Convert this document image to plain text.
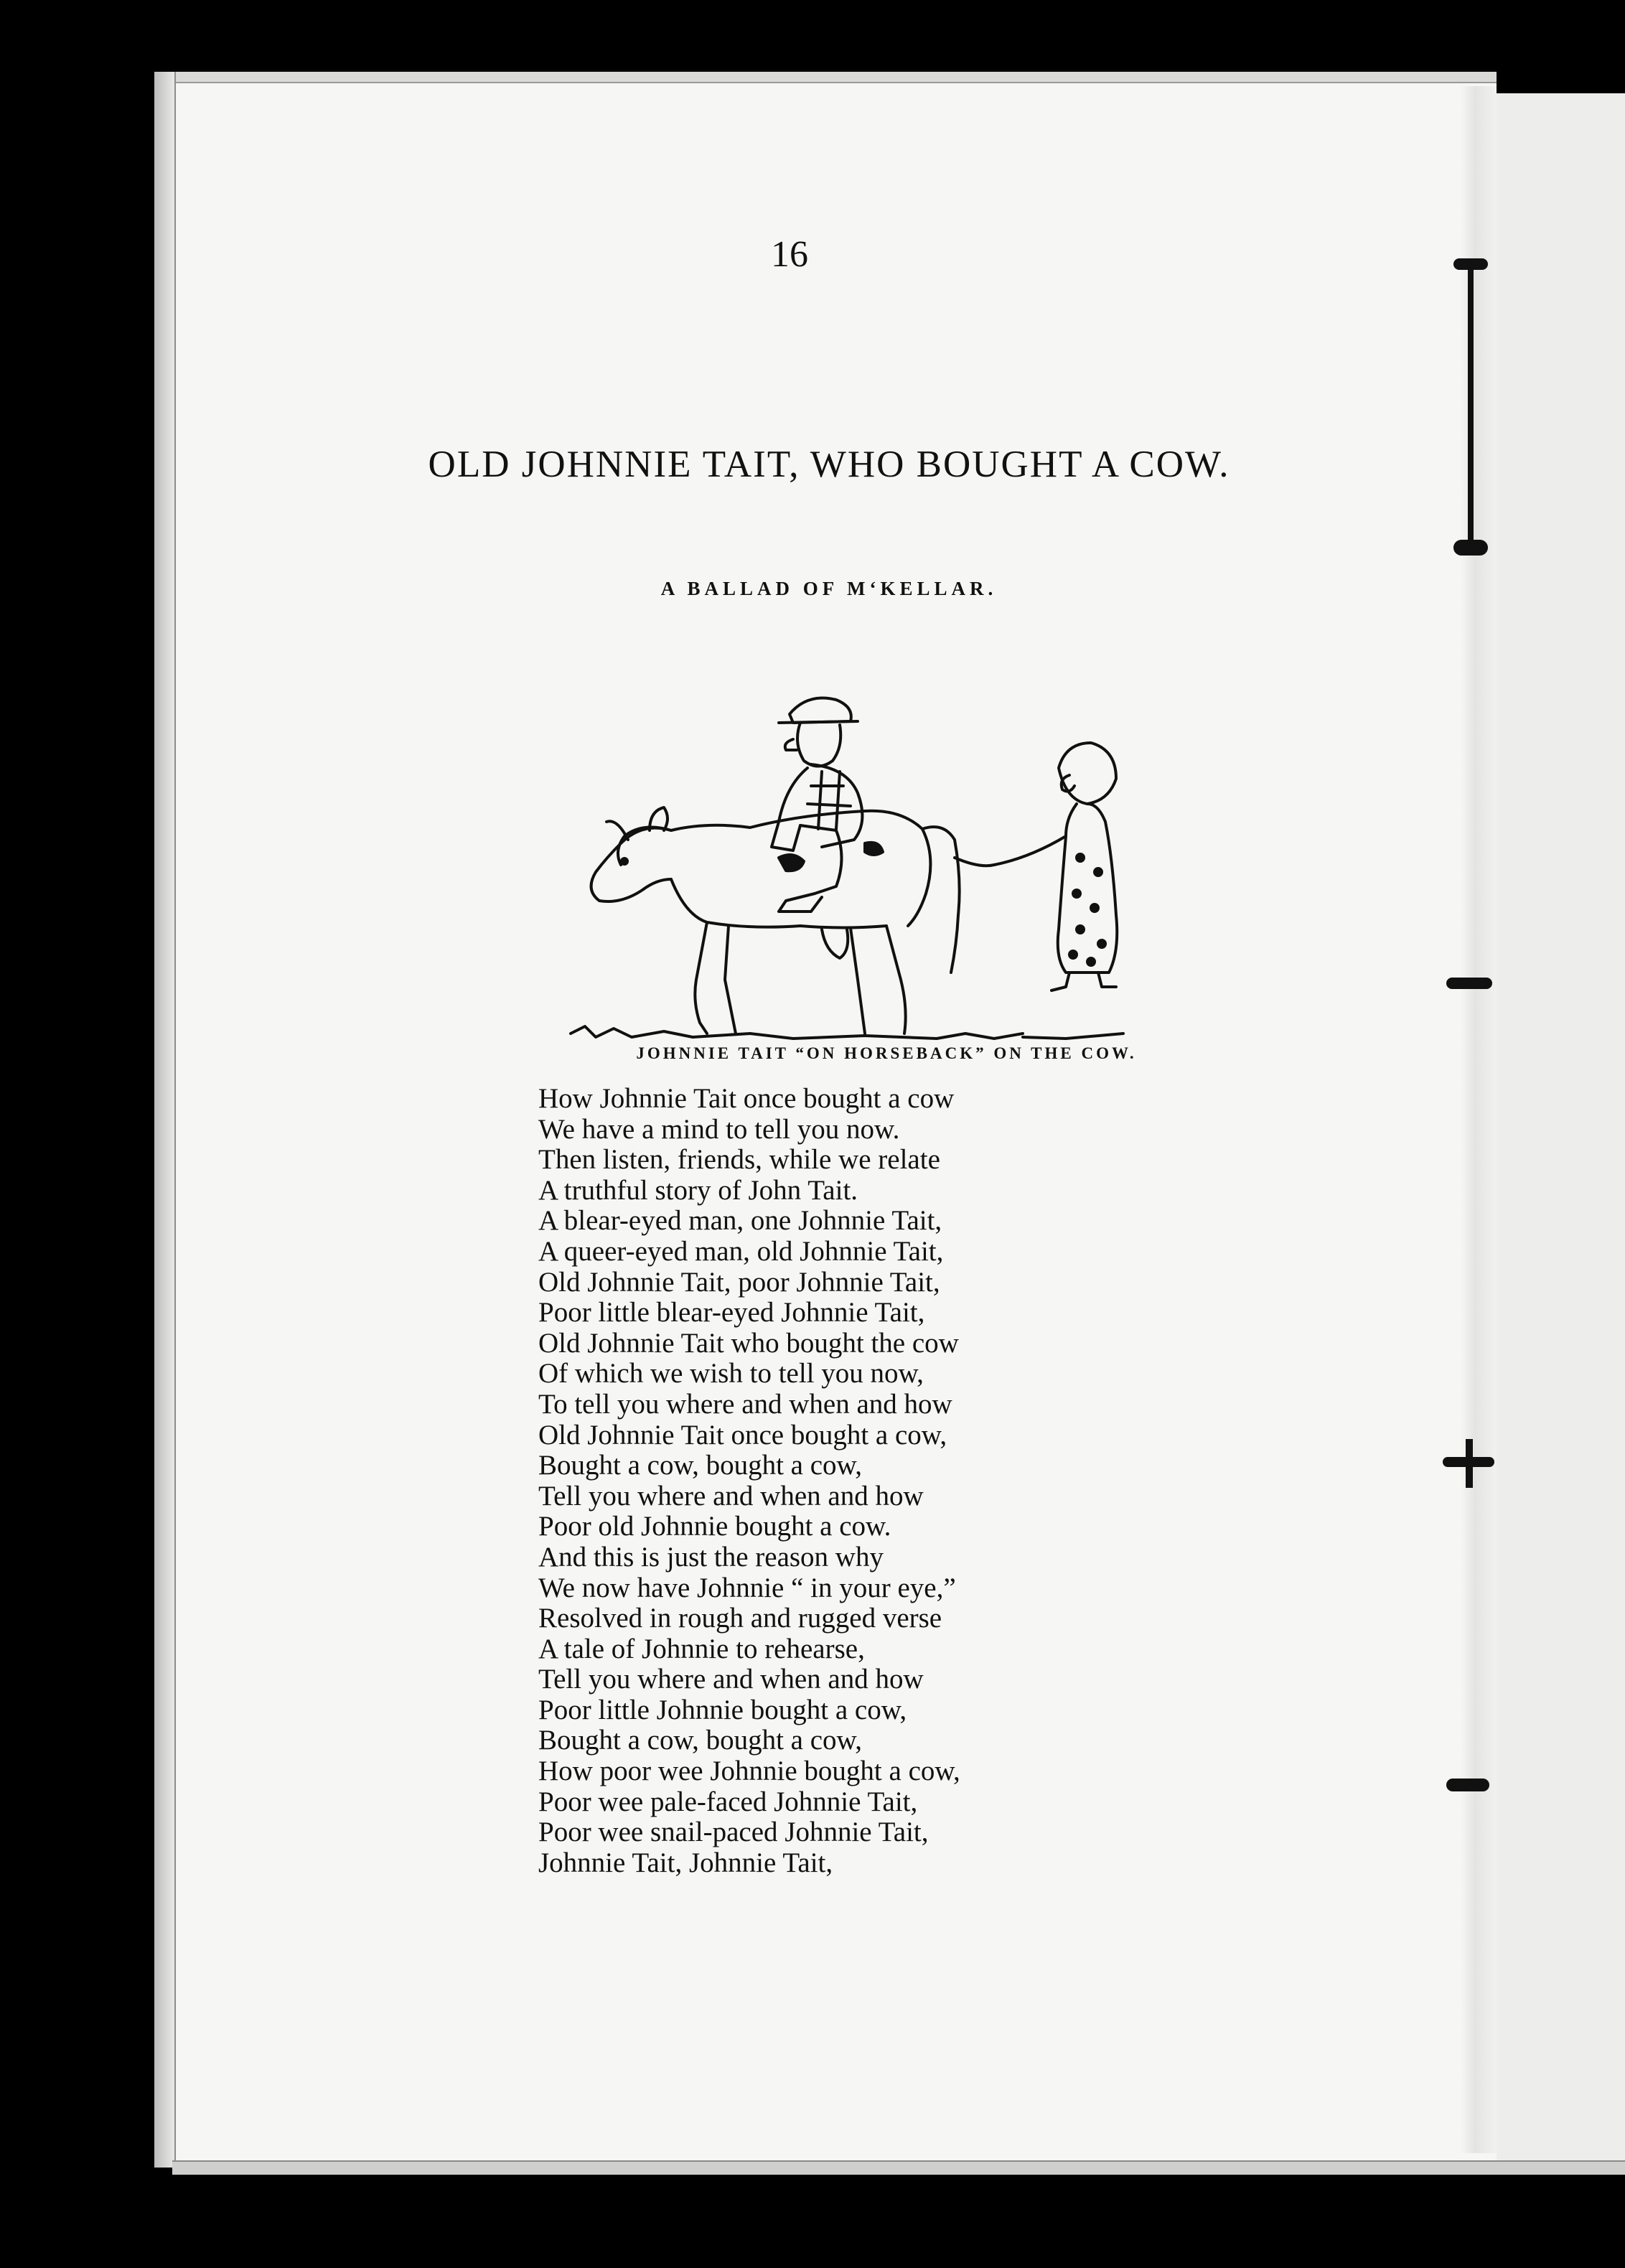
16
OLD JOHNNIE TAIT, WHO BOUGHT A COW.
A BALLAD OF M‘KELLAR.
JOHNNIE TAIT “ON HORSEBACK” ON THE COW.
How Johnnie Tait once bought a cow
We have a mind to tell you now.
Then listen, friends, while we relate
A truthful story of John Tait.
A blear-eyed man, one Johnnie Tait,
A queer-eyed man, old Johnnie Tait,
Old Johnnie Tait, poor Johnnie Tait,
Poor little blear-eyed Johnnie Tait,
Old Johnnie Tait who bought the cow
Of which we wish to tell you now,
To tell you where and when and how
Old Johnnie Tait once bought a cow,
Bought a cow, bought a cow,
Tell you where and when and how
Poor old Johnnie bought a cow.
And this is just the reason why
We now have Johnnie “ in your eye,”
Resolved in rough and rugged verse
A tale of Johnnie to rehearse,
Tell you where and when and how
Poor little Johnnie bought a cow,
Bought a cow, bought a cow,
How poor wee Johnnie bought a cow,
Poor wee pale-faced Johnnie Tait,
Poor wee snail-paced Johnnie Tait,
Johnnie Tait, Johnnie Tait,
